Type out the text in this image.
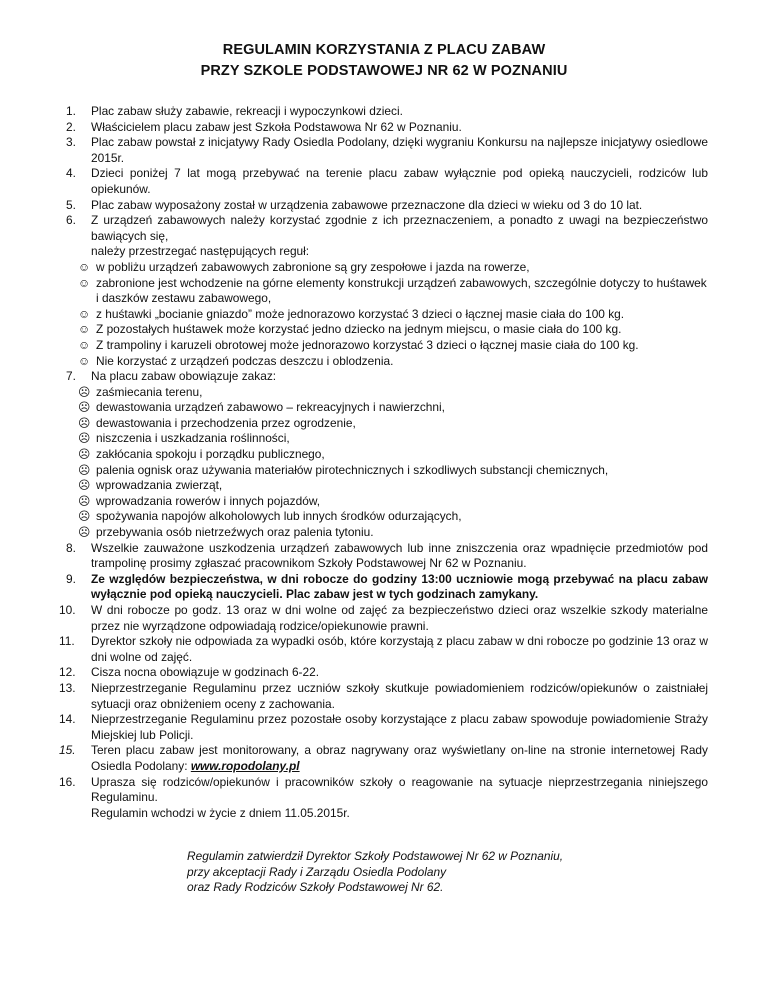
REGULAMIN KORZYSTANIA Z PLACU ZABAW
PRZY SZKOLE PODSTAWOWEJ NR 62 W POZNANIU
1.	Plac zabaw służy zabawie, rekreacji i wypoczynkowi dzieci.
2.	Właścicielem placu zabaw jest Szkoła Podstawowa Nr 62 w Poznaniu.
3.	Plac zabaw powstał z inicjatywy Rady Osiedla Podolany, dzięki wygraniu Konkursu na najlepsze inicjatywy osiedlowe 2015r.
4.	Dzieci poniżej 7 lat mogą przebywać na terenie placu zabaw wyłącznie pod opieką nauczycieli, rodziców lub opiekunów.
5.	Plac zabaw wyposażony został w urządzenia zabawowe przeznaczone dla dzieci w wieku od 3 do 10 lat.
6.	Z urządzeń zabawowych należy korzystać zgodnie z ich przeznaczeniem, a ponadto z uwagi na bezpieczeństwo bawiących się,
należy przestrzegać następujących reguł:
☺ w pobliżu urządzeń zabawowych zabronione są gry zespołowe i jazda na rowerze,
☺ zabronione jest wchodzenie na górne elementy konstrukcji urządzeń zabawowych, szczególnie dotyczy to huśtawek i daszków zestawu zabawowego,
☺ z huśtawki „bocianie gniazdo” może jednorazowo korzystać 3 dzieci o łącznej masie ciała do 100 kg.
☺ Z pozostałych huśtawek może korzystać jedno dziecko na jednym miejscu, o masie ciała do 100 kg.
☺ Z trampoliny i karuzeli obrotowej może jednorazowo korzystać 3 dzieci o łącznej masie ciała do 100 kg.
☺ Nie korzystać z urządzeń podczas deszczu i oblodzenia.
7.	Na placu zabaw obowiązuje zakaz:
☹ zaśmiecania terenu,
☹ dewastowania urządzeń zabawowo – rekreacyjnych i nawierzchni,
☹ dewastowania i przechodzenia przez ogrodzenie,
☹ niszczenia i uszkadzania roślinności,
☹ zakłócania spokoju i porządku publicznego,
☹ palenia ognisk oraz używania materiałów pirotechnicznych i szkodliwych substancji chemicznych,
☹ wprowadzania zwierząt,
☹ wprowadzania rowerów i innych pojazdów,
☹ spożywania napojów alkoholowych lub innych środków odurzających,
☹ przebywania osób nietrzeźwych oraz palenia tytoniu.
8.	Wszelkie zauważone uszkodzenia urządzeń zabawowych lub inne zniszczenia oraz wpadnięcie przedmiotów pod trampolinę prosimy zgłaszać pracownikom Szkoły Podstawowej Nr 62 w Poznaniu.
9.	Ze względów bezpieczeństwa, w dni robocze do godziny 13:00 uczniowie mogą przebywać na placu zabaw wyłącznie pod opieką nauczycieli. Plac zabaw jest w tych godzinach zamykany.
10.	W dni robocze po godz. 13 oraz w dni wolne od zajęć za bezpieczeństwo dzieci oraz wszelkie szkody materialne przez nie wyrządzone odpowiadają rodzice/opiekunowie prawni.
11.	Dyrektor szkoły nie odpowiada za wypadki osób, które korzystają z placu zabaw w dni robocze po godzinie 13 oraz w dni wolne od zajęć.
12.	Cisza nocna obowiązuje w godzinach 6-22.
13.	Nieprzestrzeganie Regulaminu przez uczniów szkoły skutkuje powiadomieniem rodziców/opiekunów o zaistniałej sytuacji oraz obniżeniem oceny z zachowania.
14.	Nieprzestrzeganie Regulaminu przez pozostałe osoby korzystające z placu zabaw spowoduje powiadomienie Straży Miejskiej lub Policji.
15.	Teren placu zabaw jest monitorowany, a obraz nagrywany oraz wyświetlany on-line na stronie internetowej Rady Osiedla Podolany: www.ropodolany.pl
16.	Uprasza się rodziców/opiekunów i pracowników szkoły o reagowanie na sytuacje nieprzestrzegania niniejszego Regulaminu.
Regulamin wchodzi w życie z dniem 11.05.2015r.
Regulamin zatwierdził Dyrektor Szkoły Podstawowej Nr 62 w Poznaniu,
przy akceptacji Rady i Zarządu Osiedla Podolany
oraz Rady Rodziców Szkoły Podstawowej Nr 62.
